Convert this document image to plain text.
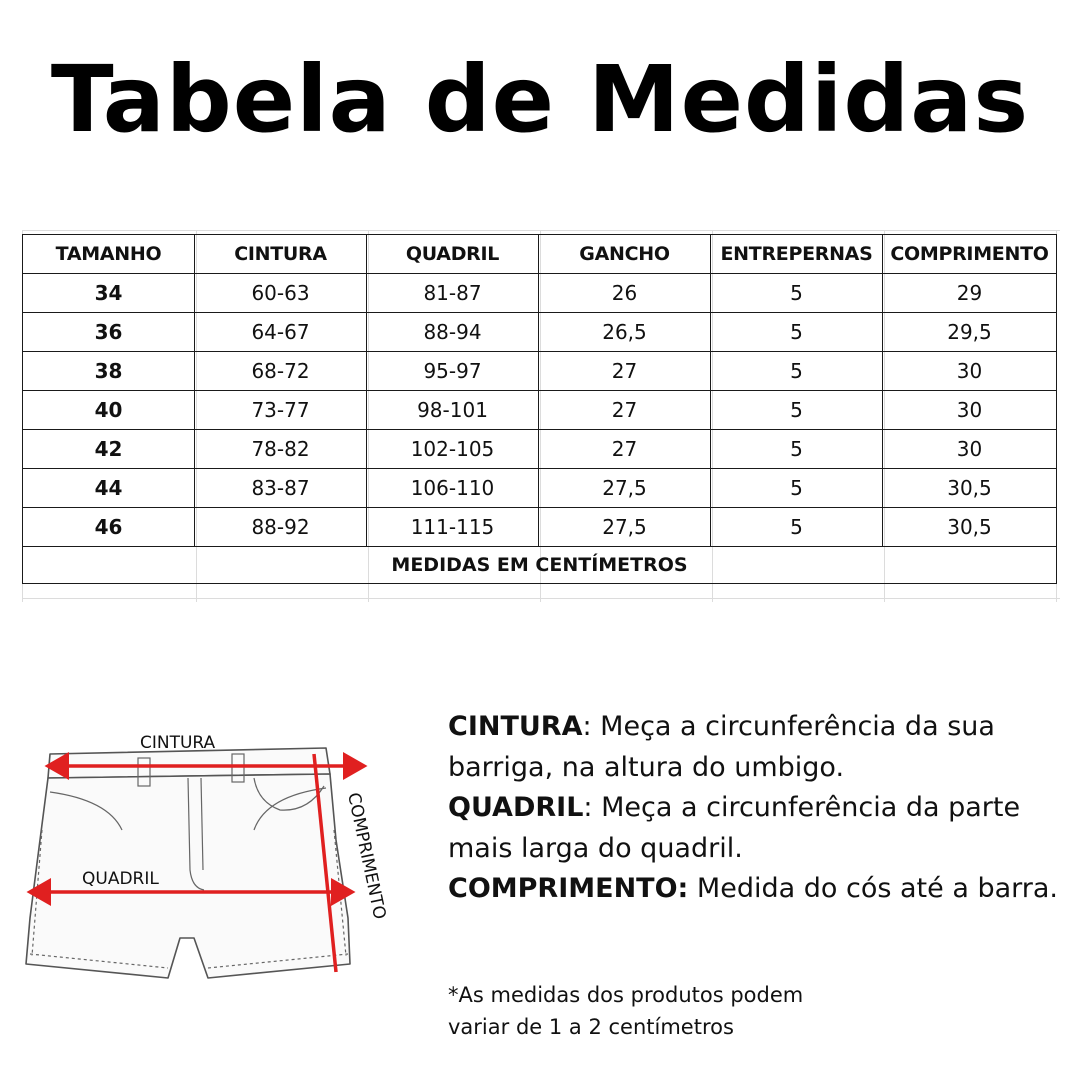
Tabela de Medidas
TAMANHO	CINTURA	QUADRIL	GANCHO	ENTREPERNAS	COMPRIMENTO
34	60-63	81-87	26	5	29
36	64-67	88-94	26,5	5	29,5
38	68-72	95-97	27	5	30
40	73-77	98-101	27	5	30
42	78-82	102-105	27	5	30
44	83-87	106-110	27,5	5	30,5
46	88-92	111-115	27,5	5	30,5
MEDIDAS EM CENTÍMETROS					
CINTURA
QUADRIL	COMPRIMENTO
CINTURA: Meça a circunferência da sua barriga, na altura do umbigo.
QUADRIL: Meça a circunferência da parte mais larga do quadril.
COMPRIMENTO: Medida do cós até a barra.
*As medidas dos produtos podem
variar de 1 a 2 centímetros
